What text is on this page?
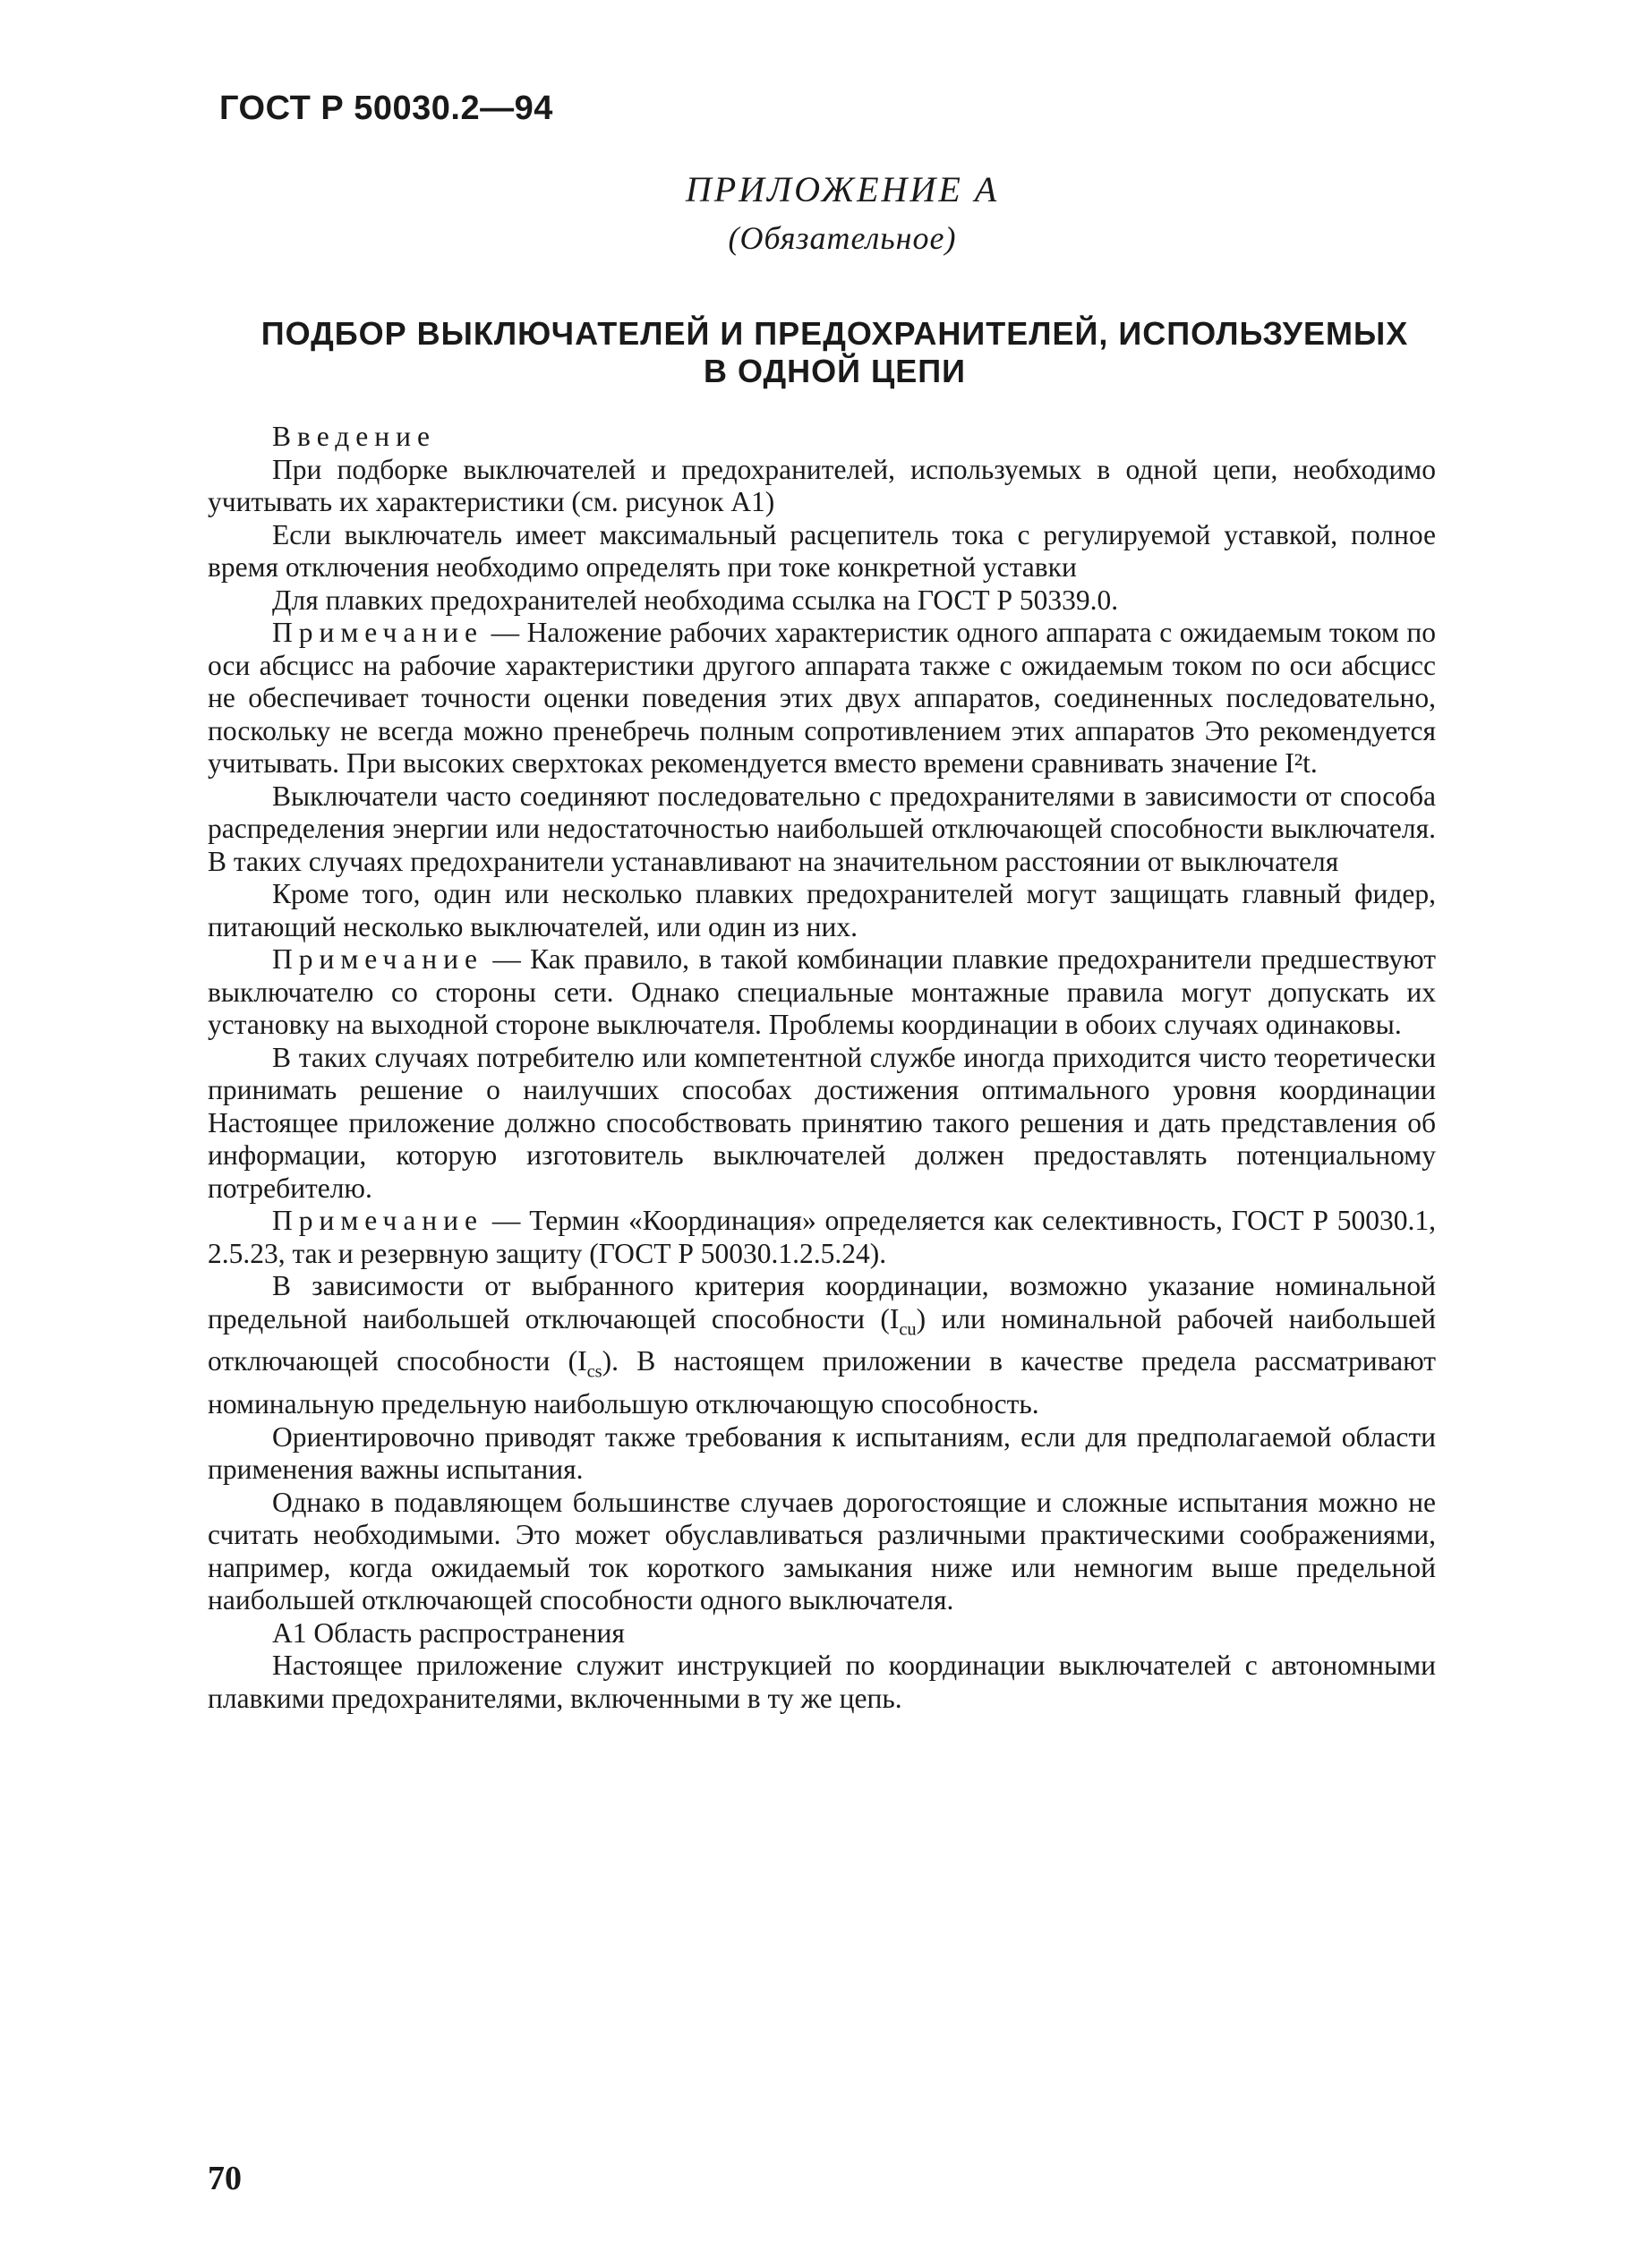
ГОСТ Р 50030.2—94
ПРИЛОЖЕНИЕ А
(Обязательное)
ПОДБОР ВЫКЛЮЧАТЕЛЕЙ И ПРЕДОХРАНИТЕЛЕЙ, ИСПОЛЬЗУЕМЫХ
В ОДНОЙ ЦЕПИ

Введение

При подборке выключателей и предохранителей, используемых в одной цепи, необходимо учитывать их характеристики (см. рисунок А1)

Если выключатель имеет максимальный расцепитель тока с регулируемой уставкой, полное время отключения необходимо определять при токе конкретной уставки

Для плавких предохранителей необходима ссылка на ГОСТ Р 50339.0.

Примечание — Наложение рабочих характеристик одного аппарата с ожидаемым током по оси абсцисс на рабочие характеристики другого аппарата также с ожидаемым током по оси абсцисс не обеспечивает точности оценки поведения этих двух аппаратов, соединенных последовательно, поскольку не всегда можно пренебречь полным сопротивлением этих аппаратов Это рекомендуется учитывать. При высоких сверхтоках рекомендуется вместо времени сравнивать значение I²t.

Выключатели часто соединяют последовательно с предохранителями в зависимости от способа распределения энергии или недостаточностью наибольшей отключающей способности выключателя. В таких случаях предохранители устанавливают на значительном расстоянии от выключателя

Кроме того, один или несколько плавких предохранителей могут защищать главный фидер, питающий несколько выключателей, или один из них.

Примечание — Как правило, в такой комбинации плавкие предохранители предшествуют выключателю со стороны сети. Однако специальные монтажные правила могут допускать их установку на выходной стороне выключателя. Проблемы координации в обоих случаях одинаковы.

В таких случаях потребителю или компетентной службе иногда приходится чисто теоретически принимать решение о наилучших способах достижения оптимального уровня координации Настоящее приложение должно способствовать принятию такого решения и дать представления об информации, которую изготовитель выключателей должен предоставлять потенциальному потребителю.

Примечание — Термин «Координация» определяется как селективность, ГОСТ Р 50030.1, 2.5.23, так и резервную защиту (ГОСТ Р 50030.1.2.5.24).

В зависимости от выбранного критерия координации, возможно указание номинальной предельной наибольшей отключающей способности $(I_{cu})$ или номинальной рабочей наибольшей отключающей способности $(I_{cs})$. В настоящем приложении в качестве предела рассматривают номинальную предельную наибольшую отключающую способность.

Ориентировочно приводят также требования к испытаниям, если для предполагаемой области применения важны испытания.

Однако в подавляющем большинстве случаев дорогостоящие и сложные испытания можно не считать необходимыми. Это может обуславливаться различными практическими соображениями, например, когда ожидаемый ток короткого замыкания ниже или немногим выше предельной наибольшей отключающей способности одного выключателя.

А1 Область распространения

Настоящее приложение служит инструкцией по координации выключателей с автономными плавкими предохранителями, включенными в ту же цепь.

70
